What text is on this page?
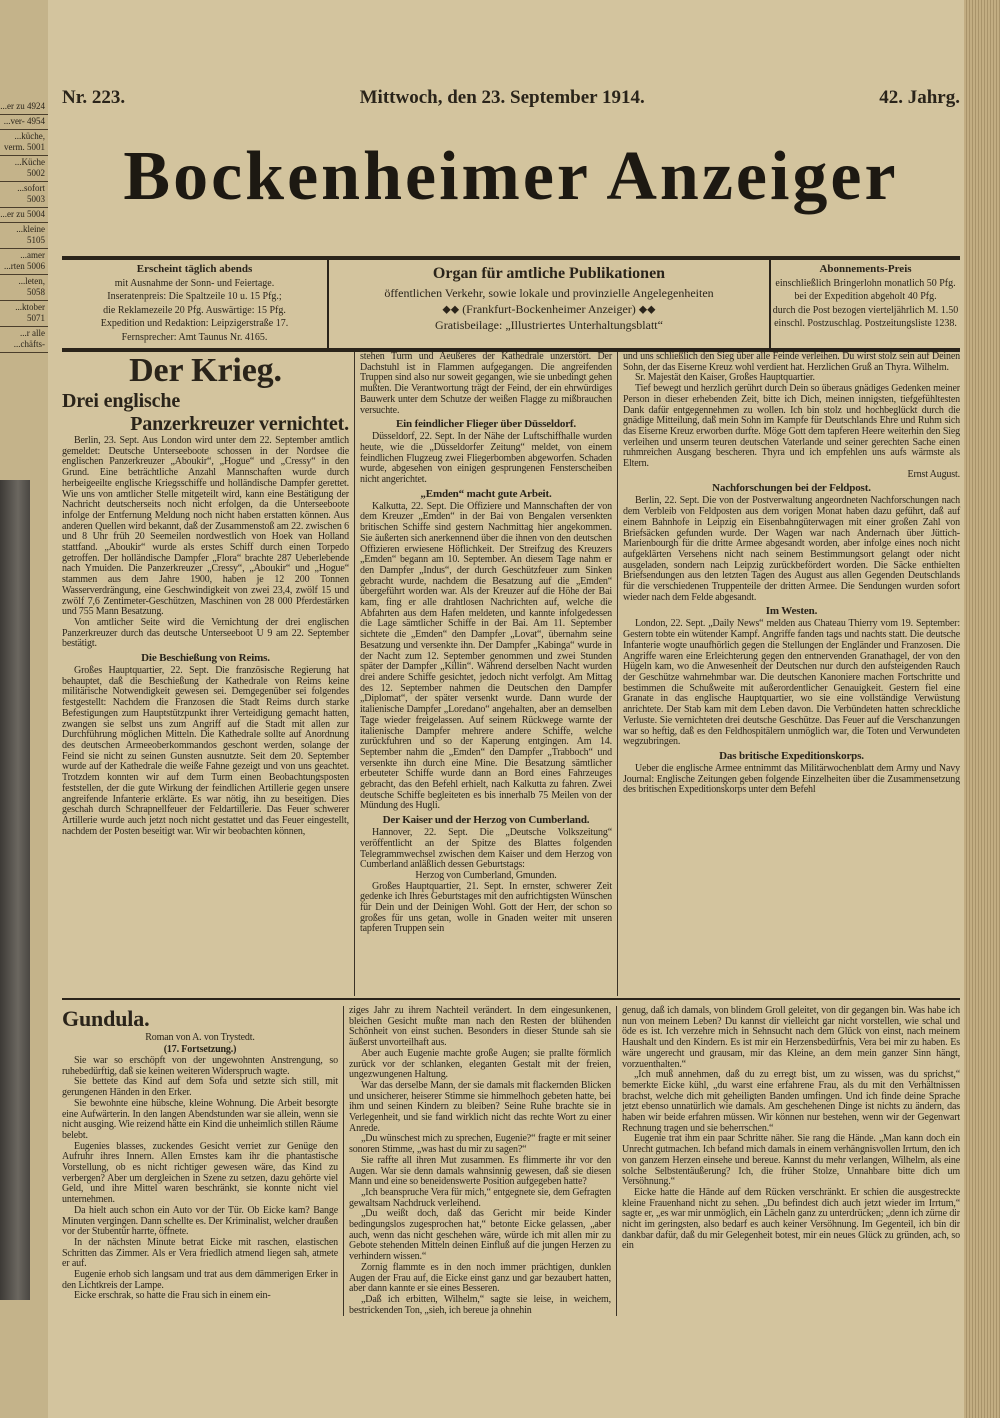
...er zu 4924
...ver- 4954
...küche, verm. 5001
...Küche 5002
...sofort 5003
...er zu 5004
...kleine 5105
...amer ...rten 5006
...leten, 5058
...ktober 5071
...r alle ...chäfts-
Nr. 223.	Mittwoch, den 23. September 1914.	42. Jahrg.
Bockenheimer Anzeiger
Erscheint täglich abends
mit Ausnahme der Sonn- und Feiertage.
Inseratenpreis: Die Spaltzeile 10 u. 15 Pfg.;
die Reklamezeile 20 Pfg. Auswärtige: 15 Pfg.
Expedition und Redaktion: Leipzigerstraße 17.
Fernsprecher: Amt Taunus Nr. 4165.
Organ für amtliche Publikationen
öffentlichen Verkehr, sowie lokale und provinzielle Angelegenheiten
⬥⬥ (Frankfurt-Bockenheimer Anzeiger) ⬥⬥
Gratisbeilage: „Illustriertes Unterhaltungsblatt“
Abonnements-Preis
einschließlich Bringerlohn monatlich 50 Pfg.
bei der Expedition abgeholt 40 Pfg.
durch die Post bezogen vierteljährlich M. 1.50
einschl. Postzuschlag. Postzeitungsliste 1238.
Der Krieg.
Drei englische
Panzerkreuzer vernichtet.

Berlin, 23. Sept. Aus London wird unter dem 22. September amtlich gemeldet: Deutsche Unterseeboote schossen in der Nordsee die englischen Panzerkreuzer „Aboukir“, „Hogue“ und „Cressy“ in den Grund. Eine beträchtliche Anzahl Mannschaften wurde durch herbeigeeilte englische Kriegsschiffe und holländische Dampfer gerettet. Wie uns von amtlicher Stelle mitgeteilt wird, kann eine Bestätigung der Nachricht deutscherseits noch nicht erfolgen, da die Unterseeboote infolge der Entfernung Meldung noch nicht haben erstatten können. Aus anderen Quellen wird bekannt, daß der Zusammenstoß am 22. zwischen 6 und 8 Uhr früh 20 Seemeilen nordwestlich von Hoek van Holland stattfand. „Aboukir“ wurde als erstes Schiff durch einen Torpedo getroffen. Der holländische Dampfer „Flora“ brachte 287 Ueberlebende nach Ymuiden. Die Panzerkreuzer „Cressy“, „Aboukir“ und „Hogue“ stammen aus dem Jahre 1900, haben je 12 200 Tonnen Wasserverdrängung, eine Geschwindigkeit von zwei 23,4, zwölf 15 und zwölf 7,6 Zentimeter-Geschützen, Maschinen von 28 000 Pferdestärken und 755 Mann Besatzung.

Von amtlicher Seite wird die Vernichtung der drei englischen Panzerkreuzer durch das deutsche Unterseeboot U 9 am 22. September bestätigt.

Die Beschießung von Reims.

Großes Hauptquartier, 22. Sept. Die französische Regierung hat behauptet, daß die Beschießung der Kathedrale von Reims keine militärische Notwendigkeit gewesen sei. Demgegenüber sei folgendes festgestellt: Nachdem die Franzosen die Stadt Reims durch starke Befestigungen zum Hauptstützpunkt ihrer Verteidigung gemacht hatten, zwangen sie selbst uns zum Angriff auf die Stadt mit allen zur Durchführung möglichen Mitteln. Die Kathedrale sollte auf Anordnung des deutschen Armeeoberkommandos geschont werden, solange der Feind sie nicht zu seinen Gunsten ausnutzte. Seit dem 20. September wurde auf der Kathedrale die weiße Fahne gezeigt und von uns geachtet. Trotzdem konnten wir auf dem Turm einen Beobachtungsposten feststellen, der die gute Wirkung der feindlichen Artillerie gegen unsere angreifende Infanterie erklärte. Es war nötig, ihn zu beseitigen. Dies geschah durch Schrapnellfeuer der Feldartillerie. Das Feuer schwerer Artillerie wurde auch jetzt noch nicht gestattet und das Feuer eingestellt, nachdem der Posten beseitigt war. Wir wir beobachten können,

stehen Turm und Aeußeres der Kathedrale unzerstört. Der Dachstuhl ist in Flammen aufgegangen. Die angreifenden Truppen sind also nur soweit gegangen, wie sie unbedingt gehen mußten. Die Verantwortung trägt der Feind, der ein ehrwürdiges Bauwerk unter dem Schutze der weißen Flagge zu mißbrauchen versuchte.

Ein feindlicher Flieger über Düsseldorf.

Düsseldorf, 22. Sept. In der Nähe der Luftschiffhalle wurden heute, wie die „Düsseldorfer Zeitung“ meldet, von einem feindlichen Flugzeug zwei Fliegerbomben abgeworfen. Schaden wurde, abgesehen von einigen gesprungenen Fensterscheiben nicht angerichtet.

„Emden“ macht gute Arbeit.

Kalkutta, 22. Sept. Die Offiziere und Mannschaften der von dem Kreuzer „Emden“ in der Bai von Bengalen versenkten britischen Schiffe sind gestern Nachmittag hier angekommen. Sie äußerten sich anerkennend über die ihnen von den deutschen Offizieren erwiesene Höflichkeit. Der Streifzug des Kreuzers „Emden“ begann am 10. September. An diesem Tage nahm er den Dampfer „Indus“, der durch Geschützfeuer zum Sinken gebracht wurde, nachdem die Besatzung auf die „Emden“ übergeführt worden war. Als der Kreuzer auf die Höhe der Bai kam, fing er alle drahtlosen Nachrichten auf, welche die Abfahrten aus dem Hafen meldeten, und kannte infolgedessen die Lage sämtlicher Schiffe in der Bai. Am 11. September sichtete die „Emden“ den Dampfer „Lovat“, übernahm seine Besatzung und versenkte ihn. Der Dampfer „Kabinga“ wurde in der Nacht zum 12. September genommen und zwei Stunden später der Dampfer „Killin“. Während derselben Nacht wurden drei andere Schiffe gesichtet, jedoch nicht verfolgt. Am Mittag des 12. September nahmen die Deutschen den Dampfer „Diplomat“, der später versenkt wurde. Dann wurde der italienische Dampfer „Loredano“ angehalten, aber an demselben Tage wieder freigelassen. Auf seinem Rückwege warnte der italienische Dampfer mehrere andere Schiffe, welche zurückfuhren und so der Kaperung entgingen. Am 14. September nahm die „Emden“ den Dampfer „Trabboch“ und versenkte ihn durch eine Mine. Die Besatzung sämtlicher erbeuteter Schiffe wurde dann an Bord eines Fahrzeuges gebracht, das den Befehl erhielt, nach Kalkutta zu fahren. Zwei deutsche Schiffe begleiteten es bis innerhalb 75 Meilen von der Mündung des Hugli.

Der Kaiser und der Herzog von Cumberland.

Hannover, 22. Sept. Die „Deutsche Volkszeitung“ veröffentlicht an der Spitze des Blattes folgenden Telegrammwechsel zwischen dem Kaiser und dem Herzog von Cumberland anläßlich dessen Geburtstags:

Herzog von Cumberland, Gmunden.

Großes Hauptquartier, 21. Sept. In ernster, schwerer Zeit gedenke ich Ihres Geburtstages mit den aufrichtigsten Wünschen für Dein und der Deinigen Wohl. Gott der Herr, der schon so großes für uns getan, wolle in Gnaden weiter mit unseren tapferen Truppen sein

und uns schließlich den Sieg über alle Feinde verleihen. Du wirst stolz sein auf Deinen Sohn, der das Eiserne Kreuz wohl verdient hat. Herzlichen Gruß an Thyra. Wilhelm.

Sr. Majestät den Kaiser, Großes Hauptquartier.

Tief bewegt und herzlich gerührt durch Dein so überaus gnädiges Gedenken meiner Person in dieser erhebenden Zeit, bitte ich Dich, meinen innigsten, tiefgefühltesten Dank dafür entgegennehmen zu wollen. Ich bin stolz und hochbeglückt durch die gnädige Mitteilung, daß mein Sohn im Kampfe für Deutschlands Ehre und Ruhm sich das Eiserne Kreuz erworben durfte. Möge Gott dem tapferen Heere weiterhin den Sieg verleihen und unserm teuren deutschen Vaterlande und seiner gerechten Sache einen ruhmreichen Ausgang bescheren. Thyra und ich empfehlen uns aufs wärmste als Eltern.

Ernst August.

Nachforschungen bei der Feldpost.

Berlin, 22. Sept. Die von der Postverwaltung angeordneten Nachforschungen nach dem Verbleib von Feldposten aus dem vorigen Monat haben dazu geführt, daß auf einem Bahnhofe in Leipzig ein Eisenbahngüterwagen mit einer großen Zahl von Briefsäcken gefunden wurde. Der Wagen war nach Andernach über Jüttich-Marienbourgh für die dritte Armee abgesandt worden, aber infolge eines noch nicht aufgeklärten Versehens nicht nach seinem Bestimmungsort gelangt oder nicht ausgeladen, sondern nach Leipzig zurückbefördert worden. Die Säcke enthielten Briefsendungen aus den letzten Tagen des August aus allen Gegenden Deutschlands für die verschiedenen Truppenteile der dritten Armee. Die Sendungen wurden sofort wieder nach dem Felde abgesandt.

Im Westen.

London, 22. Sept. „Daily News“ melden aus Chateau Thierry vom 19. September: Gestern tobte ein wütender Kampf. Angriffe fanden tags und nachts statt. Die deutsche Infanterie wogte unaufhörlich gegen die Stellungen der Engländer und Franzosen. Die Angriffe waren eine Erleichterung gegen den entnervenden Granathagel, der von den Hügeln kam, wo die Anwesenheit der Deutschen nur durch den aufsteigenden Rauch der Geschütze wahrnehmbar war. Die deutschen Kanoniere machen Fortschritte und bestimmen die Schußweite mit außerordentlicher Genauigkeit. Gestern fiel eine Granate in das englische Hauptquartier, wo sie eine vollständige Verwüstung anrichtete. Der Stab kam mit dem Leben davon. Die Verbündeten hatten schreckliche Verluste. Sie vernichteten drei deutsche Geschütze. Das Feuer auf die Verschanzungen war so heftig, daß es den Feldhospitälern unmöglich war, die Toten und Verwundeten wegzubringen.

Das britische Expeditionskorps.

Ueber die englische Armee entnimmt das Militärwochenblatt dem Army und Navy Journal: Englische Zeitungen geben folgende Einzelheiten über die Zusammensetzung des britischen Expeditionskorps unter dem Befehl

Gundula.
Roman von A. von Trystedt.
(17. Fortsetzung.)

Sie war so erschöpft von der ungewohnten Anstrengung, so ruhebedürftig, daß sie keinen weiteren Widerspruch wagte.

Sie bettete das Kind auf dem Sofa und setzte sich still, mit gerungenen Händen in den Erker.

Sie bewohnte eine hübsche, kleine Wohnung. Die Arbeit besorgte eine Aufwärterin. In den langen Abendstunden war sie allein, wenn sie nicht ausging. Wie reizend hätte ein Kind die unheimlich stillen Räume belebt.

Eugenies blasses, zuckendes Gesicht verriet zur Genüge den Aufruhr ihres Innern. Allen Ernstes kam ihr die phantastische Vorstellung, ob es nicht richtiger gewesen wäre, das Kind zu verbergen? Aber um dergleichen in Szene zu setzen, dazu gehörte viel Geld, und ihre Mittel waren beschränkt, sie konnte nicht viel unternehmen.

Da hielt auch schon ein Auto vor der Tür. Ob Eicke kam? Bange Minuten vergingen. Dann schellte es. Der Kriminalist, welcher draußen vor der Stubentür harrte, öffnete.

In der nächsten Minute betrat Eicke mit raschen, elastischen Schritten das Zimmer. Als er Vera friedlich atmend liegen sah, atmete er auf.

Eugenie erhob sich langsam und trat aus dem dämmerigen Erker in den Lichtkreis der Lampe.

Eicke erschrak, so hatte die Frau sich in einem ein-

ziges Jahr zu ihrem Nachteil verändert. In dem eingesunkenen, bleichen Gesicht mußte man nach den Resten der blühenden Schönheit von einst suchen. Besonders in dieser Stunde sah sie äußerst unvorteilhaft aus.

Aber auch Eugenie machte große Augen; sie prallte förmlich zurück vor der schlanken, eleganten Gestalt mit der freien, ungezwungenen Haltung.

War das derselbe Mann, der sie damals mit flackernden Blicken und unsicherer, heiserer Stimme sie himmelhoch gebeten hatte, bei ihm und seinen Kindern zu bleiben? Seine Ruhe brachte sie in Verlegenheit, und sie fand wirklich nicht das rechte Wort zu einer Anrede.

„Du wünschest mich zu sprechen, Eugenie?“ fragte er mit seiner sonoren Stimme, „was hast du mir zu sagen?“

Sie raffte all ihren Mut zusammen. Es flimmerte ihr vor den Augen. War sie denn damals wahnsinnig gewesen, daß sie diesen Mann und eine so beneidenswerte Position aufgegeben hatte?

„Ich beanspruche Vera für mich,“ entgegnete sie, dem Gefragten gewaltsam Nachdruck verleihend.

„Du weißt doch, daß das Gericht mir beide Kinder bedingungslos zugesprochen hat,“ betonte Eicke gelassen, „aber auch, wenn das nicht geschehen wäre, würde ich mit allen mir zu Gebote stehenden Mitteln deinen Einfluß auf die jungen Herzen zu verhindern wissen.“

Zornig flammte es in den noch immer prächtigen, dunklen Augen der Frau auf, die Eicke einst ganz und gar bezaubert hatten, aber dann kannte er sie eines Besseren.

„Daß ich erbitten, Wilhelm,“ sagte sie leise, in weichem, bestrickenden Ton, „sieh, ich bereue ja ohnehin

genug, daß ich damals, von blindem Groll geleitet, von dir gegangen bin. Was habe ich nun von meinem Leben? Du kannst dir vielleicht gar nicht vorstellen, wie schal und öde es ist. Ich verzehre mich in Sehnsucht nach dem Glück von einst, nach meinem Haushalt und den Kindern. Es ist mir ein Herzensbedürfnis, Vera bei mir zu haben. Es wäre ungerecht und grausam, mir das Kleine, an dem mein ganzer Sinn hängt, vorzuenthalten.“

„Ich muß annehmen, daß du zu erregt bist, um zu wissen, was du sprichst,“ bemerkte Eicke kühl, „du warst eine erfahrene Frau, als du mit den Verhältnissen brachst, welche dich mit geheiligten Banden umfingen. Und ich finde deine Sprache jetzt ebenso unnatürlich wie damals. Am geschehenen Dinge ist nichts zu ändern, das haben wir beide erfahren müssen. Wir können nur bestehen, wenn wir der Gegenwart Rechnung tragen und sie beherrschen.“

Eugenie trat ihm ein paar Schritte näher. Sie rang die Hände. „Man kann doch ein Unrecht gutmachen. Ich befand mich damals in einem verhängnisvollen Irrtum, den ich von ganzem Herzen einsehe und bereue. Kannst du mehr verlangen, Wilhelm, als eine solche Selbstentäußerung? Ich, die früher Stolze, Unnahbare bitte dich um Versöhnung.“

Eicke hatte die Hände auf dem Rücken verschränkt. Er schien die ausgestreckte kleine Frauenhand nicht zu sehen. „Du befindest dich auch jetzt wieder im Irrtum,“ sagte er, „es war mir unmöglich, ein Lächeln ganz zu unterdrücken; „denn ich zürne dir nicht im geringsten, also bedarf es auch keiner Versöhnung. Im Gegenteil, ich bin dir dankbar dafür, daß du mir Gelegenheit botest, mir ein neues Glück zu gründen, ach, so ein
